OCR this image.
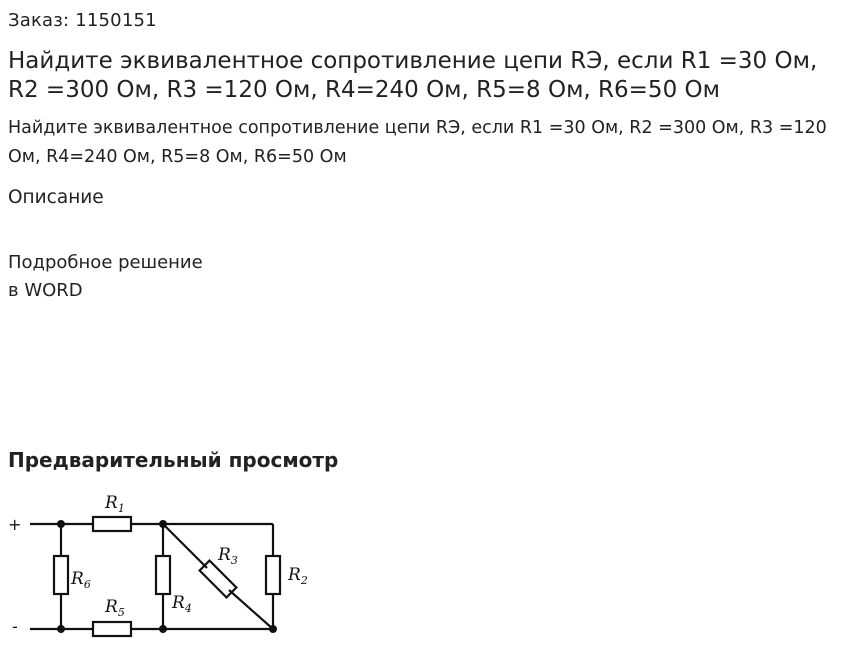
Заказ: 1150151
Найдите эквивалентное сопротивление цепи RЭ, если R1 =30 Ом, R2 =300 Ом, R3 =120 Ом, R4=240 Ом, R5=8 Ом, R6=50 Ом
Найдите эквивалентное сопротивление цепи RЭ, если R1 =30 Ом, R2 =300 Ом, R3 =120 Ом, R4=240 Ом, R5=8 Ом, R6=50 Ом
Описание
Подробное решение
в WORD
Предварительный просмотр
+
-
$R_1$
$R_5$
$R_6$
$R_4$
$R_3$
$R_2$
